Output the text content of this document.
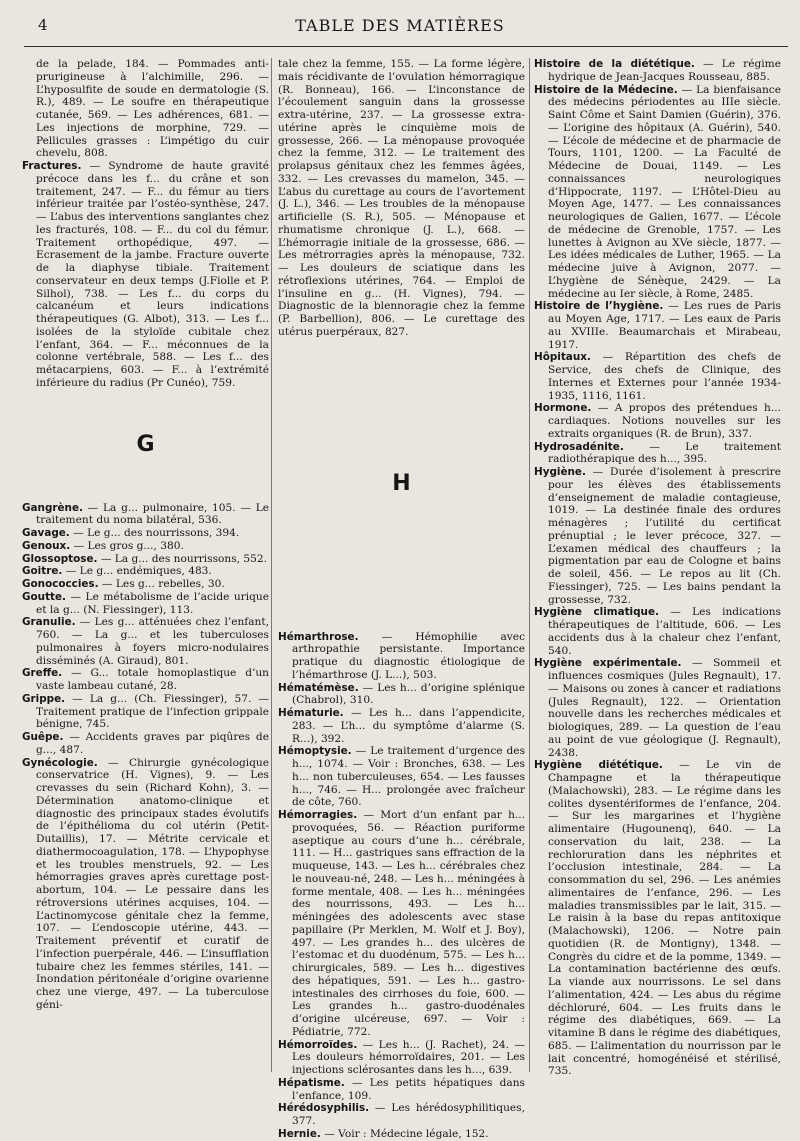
4	TABLE DES MATIÈRES

de la pelade, 184. — Pommades anti-prurigineuse à l’alchimille, 296. — L’hyposulfite de soude en dermatologie (S. R.), 489. — Le soufre en thérapeutique cutanée, 569. — Les adhérences, 681. — Les injections de morphine, 729. — Pellicules grasses : L’impétigo du cuir chevelu, 808.

Fractures. — Syndrome de haute gravité précoce dans les f... du crâne et son traitement, 247. — F... du fémur au tiers inférieur traitée par l’ostéo-synthèse, 247. — L’abus des interventions sanglantes chez les fracturés, 108. — F... du col du fémur. Traitement orthopédique, 497. — Ecrasement de la jambe. Fracture ouverte de la diaphyse tibiale. Traitement conservateur en deux temps (J.Fiolle et P. Silhol), 738. — Les f... du corps du calcanéum et leurs indications thérapeutiques (G. Albot), 313. — Les f... isolées de la styloïde cubitale chez l’enfant, 364. — F... méconnues de la colonne vertébrale, 588. — Les f... des métacarpiens, 603. — F... à l’extrémité inférieure du radius (Pr Cunéo), 759.

G

Gangrène. — La g... pulmonaire, 105. — Le traitement du noma bilatéral, 536.

Gavage. — Le g... des nourrissons, 394.

Genoux. — Les gros g..., 380.

Glossoptose. — La g... des nourrissons, 552.

Goitre. — Le g... endémiques, 483.

Gonococcies. — Les g... rebelles, 30.

Goutte. — Le métabolisme de l’acide urique et la g... (N. Fiessinger), 113.

Granulie. — Les g... atténuées chez l’enfant, 760. — La g... et les tuberculoses pulmonaires à foyers micro-nodulaires disséminés (A. Giraud), 801.

Greffe. — G... totale homoplastique d’un vaste lambeau cutané, 28.

Grippe. — La g... (Ch. Fiessinger), 57. — Traitement pratique de l’infection grippale bénigne, 745.

Guêpe. — Accidents graves par piqûres de g..., 487.

Gynécologie. — Chirurgie gynécologique conservatrice (H. Vignes), 9. — Les crevasses du sein (Richard Kohn), 3. — Détermination anatomo-clinique et diagnostic des principaux stades évolutifs de l’épithélioma du col utérin (Petit-Dutaillis), 17. — Métrite cervicale et diathermocoagulation, 178. — L’hypophyse et les troubles menstruels, 92. — Les hémorragies graves après curettage post-abortum, 104. — Le pessaire dans les rétroversions utérines acquises, 104. — L’actinomycose génitale chez la femme, 107. — L’endoscopie utérine, 443. — Traitement préventif et curatif de l’infection puerpérale, 446. — L’insufflation tubaire chez les femmes stériles, 141. — Inondation péritonéale d’origine ovarienne chez une vierge, 497. — La tuberculose géni-

tale chez la femme, 155. — La forme légère, mais récidivante de l’ovulation hémorragique (R. Bonneau), 166. — L’inconstance de l’écoulement sanguin dans la grossesse extra-utérine, 237. — La grossesse extra-utérine après le cinquième mois de grossesse, 266. — La ménopause provoquée chez la femme, 312. — Le traitement des prolapsus génitaux chez les femmes âgées, 332. — Les crevasses du mamelon, 345. — L’abus du curettage au cours de l’avortement (J. L.), 346. — Les troubles de la ménopause artificielle (S. R.), 505. — Ménopause et rhumatisme chronique (J. L.), 668. — L’hémorragie initiale de la grossesse, 686. — Les métrorragies après la ménopause, 732. — Les douleurs de sciatique dans les rétroflexions utérines, 764. — Emploi de l’insuline en g... (H. Vignes), 794. — Diagnostic de la blennoragie chez la femme (P. Barbellion), 806. — Le curettage des utérus puerpéraux, 827.

H

Hémarthrose. — Hémophilie avec arthropathie persistante. Importance pratique du diagnostic étiologique de l’hémarthrose (J. L...), 503.

Hématémèse. — Les h... d’origine splénique (Chabrol), 310.

Hématurie. — Les h... dans l’appendicite, 283. — L’h... du symptôme d’alarme (S. R...), 392.

Hémoptysie. — Le traitement d’urgence des h..., 1074. — Voir : Bronches, 638. — Les h... non tuberculeuses, 654. — Les fausses h..., 746. — H... prolongée avec fraîcheur de côte, 760.

Hémorragies. — Mort d’un enfant par h... provoquées, 56. — Réaction puriforme aseptique au cours d’une h... cérébrale, 111. — H... gastriques sans effraction de la muqueuse, 143. — Les h... cérébrales chez le nouveau-né, 248. — Les h... méningées à forme mentale, 408. — Les h... méningées des nourrissons, 493. — Les h... méningées des adolescents avec stase papillaire (Pr Merklen, M. Wolf et J. Boy), 497. — Les grandes h... des ulcères de l’estomac et du duodénum, 575. — Les h... chirurgicales, 589. — Les h... digestives des hépatiques, 591. — Les h... gastro-intestinales des cirrhoses du foie, 600. — Les grandes h... gastro-duodénales d’origine ulcéreuse, 697. — Voir : Pédiatrie, 772.

Hémorroïdes. — Les h... (J. Rachet), 24. — Les douleurs hémorroïdaires, 201. — Les injections sclérosantes dans les h..., 639.

Hépatisme. — Les petits hépatiques dans l’enfance, 109.

Hérédosyphilis. — Les hérédosyphilitiques, 377.

Hernie. — Voir : Médecine légale, 152.

Histoire de la diététique. — Le régime hydrique de Jean-Jacques Rousseau, 885.

Histoire de la Médecine. — La bienfaisance des médecins périodentes au IIIe siècle. Saint Côme et Saint Damien (Guérin), 376. — L’origine des hôpitaux (A. Guérin), 540. — L’école de médecine et de pharmacie de Tours, 1101, 1200. — La Faculté de Médecine de Douai, 1149. — Les connaissances neurologiques d’Hippocrate, 1197. — L’Hôtel-Dieu au Moyen Age, 1477. — Les connaissances neurologiques de Galien, 1677. — L’école de médecine de Grenoble, 1757. — Les lunettes à Avignon au XVe siècle, 1877. — Les idées médicales de Luther, 1965. — La médecine juive à Avignon, 2077. — L’hygiène de Sénèque, 2429. — La médecine au Ier siècle, à Rome, 2485.

Histoire de l’hygiène. — Les rues de Paris au Moyen Age, 1717. — Les eaux de Paris au XVIIIe. Beaumarchais et Mirabeau, 1917.

Hôpitaux. — Répartition des chefs de Service, des chefs de Clinique, des Internes et Externes pour l’année 1934-1935, 1116, 1161.

Hormone. — A propos des prétendues h... cardiaques. Notions nouvelles sur les extraits organiques (R. de Brun), 337.

Hydrosadénite. — Le traitement radiothérapique des h..., 395.

Hygiène. — Durée d’isolement à prescrire pour les élèves des établissements d’enseignement de maladie contagieuse, 1019. — La destinée finale des ordures ménagères ; l’utilité du certificat prénuptial ; le lever précoce, 327. — L’examen médical des chauffeurs ; la pigmentation par eau de Cologne et bains de soleil, 456. — Le repos au lit (Ch. Fiessinger), 725. — Les bains pendant la grossesse, 732.

Hygiène climatique. — Les indications thérapeutiques de l’altitude, 606. — Les accidents dus à la chaleur chez l’enfant, 540.

Hygiène expérimentale. — Sommeil et influences cosmiques (Jules Regnault), 17. — Maisons ou zones à cancer et radiations (Jules Regnault), 122. — Orientation nouvelle dans les recherches médicales et biologiques, 289. — La question de l’eau au point de vue géologique (J. Regnault), 2438.

Hygiène diététique. — Le vin de Champagne et la thérapeutique (Malachowski), 283. — Le régime dans les colites dysentériformes de l’enfance, 204. — Sur les margarines et l’hygiène alimentaire (Hugounenq), 640. — La conservation du lait, 238. — La rechloruration dans les néphrites et l’occlusion intestinale, 284. — La consommation du sel, 296. — Les anémies alimentaires de l’enfance, 296. — Les maladies transmissibles par le lait, 315. — Le raisin à la base du repas antitoxique (Malachowski), 1206. — Notre pain quotidien (R. de Montigny), 1348. — Congrès du cidre et de la pomme, 1349. — La contamination bactérienne des œufs. La viande aux nourrissons. Le sel dans l’alimentation, 424. — Les abus du régime déchloruré, 604. — Les fruits dans le régime des diabétiques, 669. — La vitamine B dans le régime des diabétiques, 685. — L’alimentation du nourrisson par le lait concentré, homogénéisé et stérilisé, 735.
